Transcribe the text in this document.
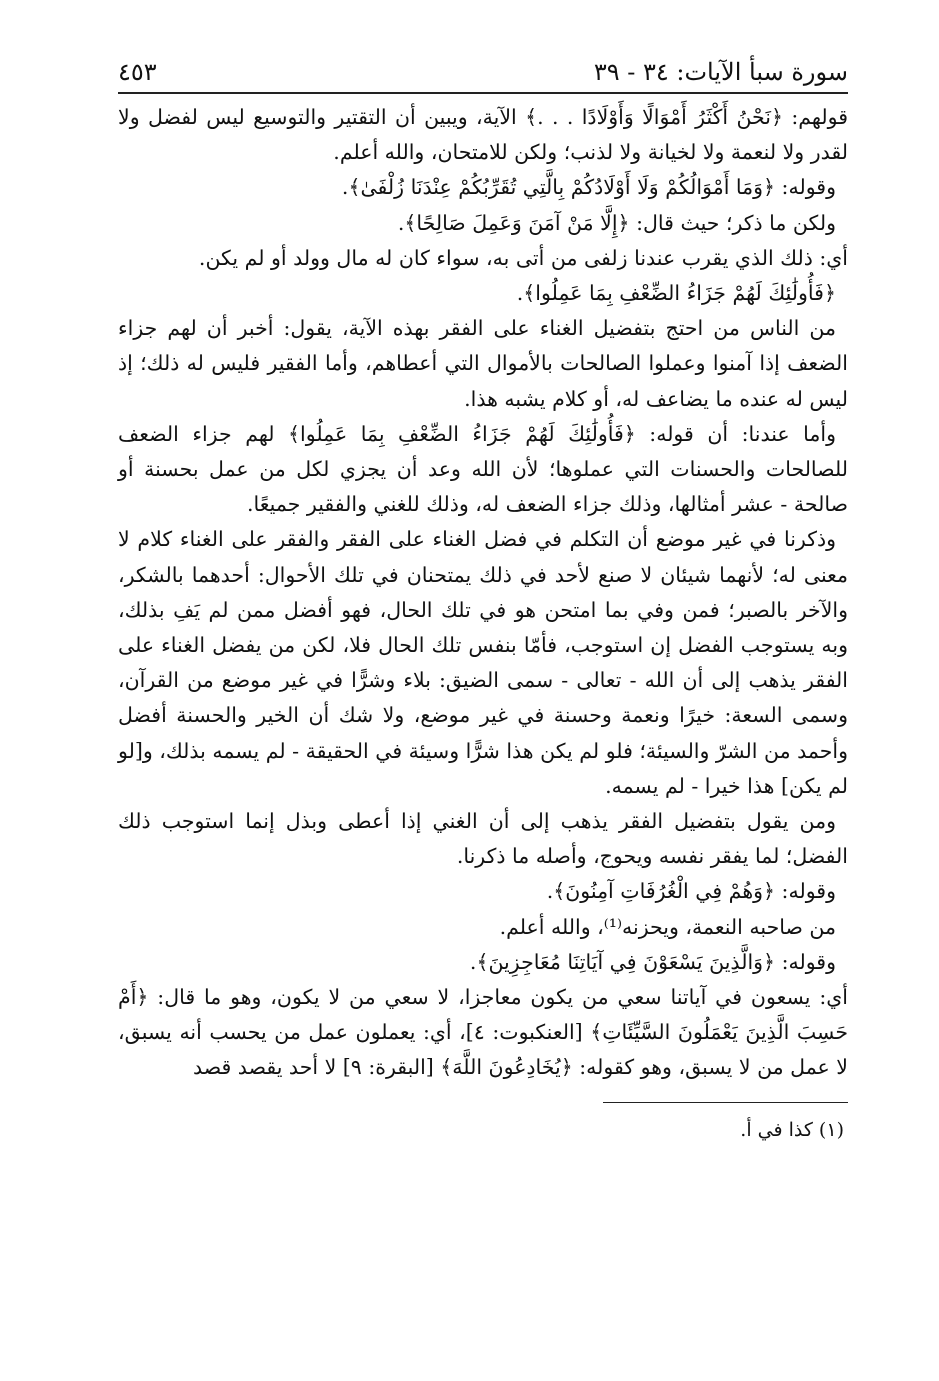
سورة سبأ الآيات: ٣٤ - ٣٩
٤٥٣

قولهم: ﴿نَحْنُ أَكْثَرُ أَمْوَالًا وَأَوْلَادًا . . .﴾ الآية، ويبين أن التقتير والتوسيع ليس لفضل ولا لقدر ولا لنعمة ولا لخيانة ولا لذنب؛ ولكن للامتحان، والله أعلم.

وقوله: ﴿وَمَا أَمْوَالُكُمْ وَلَا أَوْلَادُكُمْ بِالَّتِي تُقَرِّبُكُمْ عِنْدَنَا زُلْفَىٰ﴾.

ولكن ما ذكر؛ حيث قال: ﴿إِلَّا مَنْ آمَنَ وَعَمِلَ صَالِحًا﴾.

أي: ذلك الذي يقرب عندنا زلفى من أتى به، سواء كان له مال وولد أو لم يكن.

﴿فَأُولَٰئِكَ لَهُمْ جَزَاءُ الضِّعْفِ بِمَا عَمِلُوا﴾.

من الناس من احتج بتفضيل الغناء على الفقر بهذه الآية، يقول: أخبر أن لهم جزاء الضعف إذا آمنوا وعملوا الصالحات بالأموال التي أعطاهم، وأما الفقير فليس له ذلك؛ إذ ليس له عنده ما يضاعف له، أو كلام يشبه هذا.

وأما عندنا: أن قوله: ﴿فَأُولَٰئِكَ لَهُمْ جَزَاءُ الضِّعْفِ بِمَا عَمِلُوا﴾ لهم جزاء الضعف للصالحات والحسنات التي عملوها؛ لأن الله وعد أن يجزي لكل من عمل بحسنة أو صالحة - عشر أمثالها، وذلك جزاء الضعف له، وذلك للغني والفقير جميعًا.

وذكرنا في غير موضع أن التكلم في فضل الغناء على الفقر والفقر على الغناء كلام لا معنى له؛ لأنهما شيئان لا صنع لأحد في ذلك يمتحنان في تلك الأحوال: أحدهما بالشكر، والآخر بالصبر؛ فمن وفي بما امتحن هو في تلك الحال، فهو أفضل ممن لم يَفِ بذلك، وبه يستوجب الفضل إن استوجب، فأمّا بنفس تلك الحال فلا، لكن من يفضل الغناء على الفقر يذهب إلى أن الله - تعالى - سمى الضيق: بلاء وشرًّا في غير موضع من القرآن، وسمى السعة: خيرًا ونعمة وحسنة في غير موضع، ولا شك أن الخير والحسنة أفضل وأحمد من الشرّ والسيئة؛ فلو لم يكن هذا شرًّا وسيئة في الحقيقة - لم يسمه بذلك، و[لو لم يكن] هذا خيرا - لم يسمه.

ومن يقول بتفضيل الفقر يذهب إلى أن الغني إذا أعطى وبذل إنما استوجب ذلك الفضل؛ لما يفقر نفسه ويحوج، وأصله ما ذكرنا.

وقوله: ﴿وَهُمْ فِي الْغُرُفَاتِ آمِنُونَ﴾.

من صاحبه النعمة، ويحزنه⁽¹⁾، والله أعلم.

وقوله: ﴿وَالَّذِينَ يَسْعَوْنَ فِي آيَاتِنَا مُعَاجِزِينَ﴾.

أي: يسعون في آياتنا سعي من يكون معاجزا، لا سعي من لا يكون، وهو ما قال: ﴿أَمْ حَسِبَ الَّذِينَ يَعْمَلُونَ السَّيِّئَاتِ﴾ [العنكبوت: ٤]، أي: يعملون عمل من يحسب أنه يسبق، لا عمل من لا يسبق، وهو كقوله: ﴿يُخَادِعُونَ اللَّهَ﴾ [البقرة: ٩] لا أحد يقصد قصد

(١) كذا في أ.
